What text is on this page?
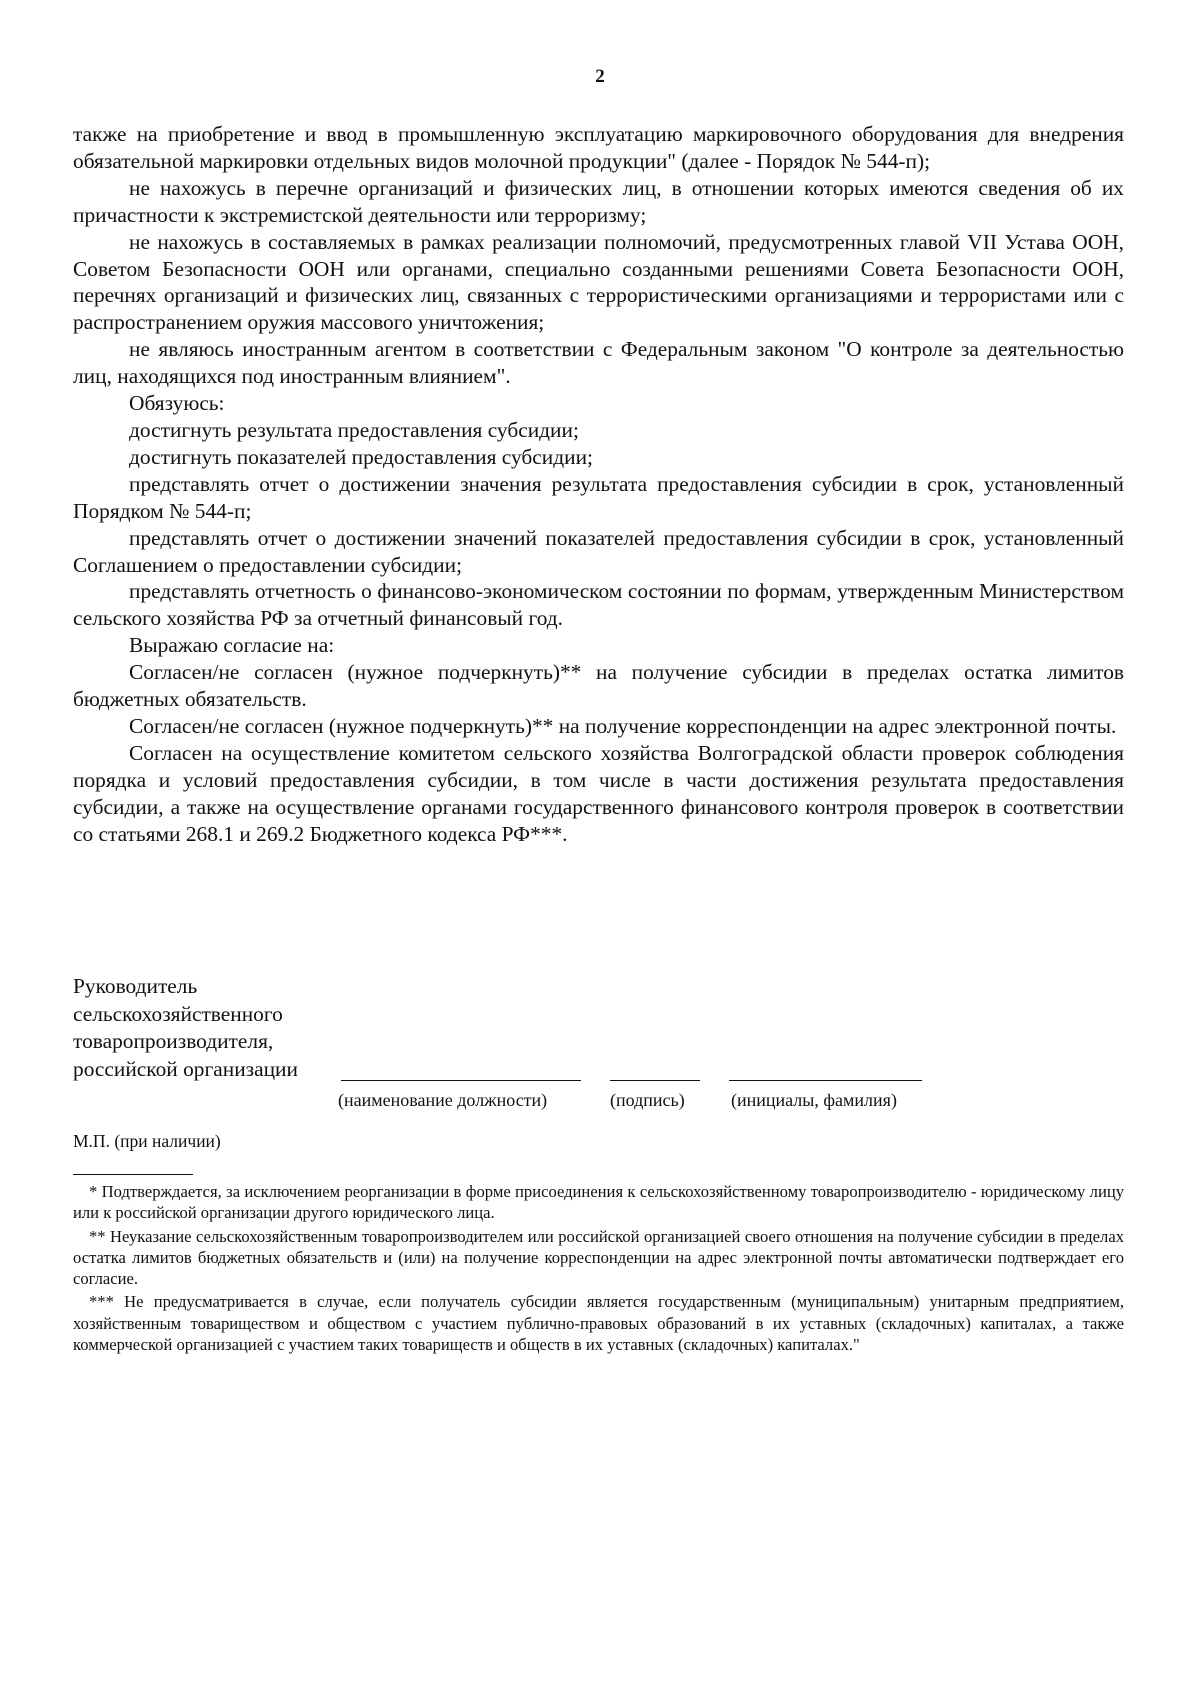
2

также на приобретение и ввод в промышленную эксплуатацию маркировочного оборудования для внедрения обязательной маркировки отдельных видов молочной продукции" (далее - Порядок № 544-п);

не нахожусь в перечне организаций и физических лиц, в отношении которых имеются сведения об их причастности к экстремистской деятельности или терроризму;

не нахожусь в составляемых в рамках реализации полномочий, предусмотренных главой VII Устава ООН, Советом Безопасности ООН или органами, специально созданными решениями Совета Безопасности ООН, перечнях организаций и физических лиц, связанных с террористическими организациями и террористами или с распространением оружия массового уничтожения;

не являюсь иностранным агентом в соответствии с Федеральным законом "О контроле за деятельностью лиц, находящихся под иностранным влиянием".

Обязуюсь:

достигнуть результата предоставления субсидии;

достигнуть показателей предоставления субсидии;

представлять отчет о достижении значения результата предоставления субсидии в срок, установленный Порядком № 544-п;

представлять отчет о достижении значений показателей предоставления субсидии в срок, установленный Соглашением о предоставлении субсидии;

представлять отчетность о финансово-экономическом состоянии по формам, утвержденным Министерством сельского хозяйства РФ за отчетный финансовый год.

Выражаю согласие на:

Согласен/не согласен (нужное подчеркнуть)** на получение субсидии в пределах остатка лимитов бюджетных обязательств.

Согласен/не согласен (нужное подчеркнуть)** на получение корреспонденции на адрес электронной почты.

Согласен на осуществление комитетом сельского хозяйства Волгоградской области проверок соблюдения порядка и условий предоставления субсидии, в том числе в части достижения результата предоставления субсидии, а также на осуществление органами государственного финансового контроля проверок в соответствии со статьями 268.1 и 269.2 Бюджетного кодекса РФ***.

Руководитель
сельскохозяйственного
товаропроизводителя,
российской организации
(наименование должности)	(подпись)	(инициалы, фамилия)
М.П. (при наличии)

* Подтверждается, за исключением реорганизации в форме присоединения к сельскохозяйственному товаропроизводителю - юридическому лицу или к российской организации другого юридического лица.

** Неуказание сельскохозяйственным товаропроизводителем или российской организацией своего отношения на получение субсидии в пределах остатка лимитов бюджетных обязательств и (или) на получение корреспонденции на адрес электронной почты автоматически подтверждает его согласие.

*** Не предусматривается в случае, если получатель субсидии является государственным (муниципальным) унитарным предприятием, хозяйственным товариществом и обществом с участием публично-правовых образований в их уставных (складочных) капиталах, а также коммерческой организацией с участием таких товариществ и обществ в их уставных (складочных) капиталах."
